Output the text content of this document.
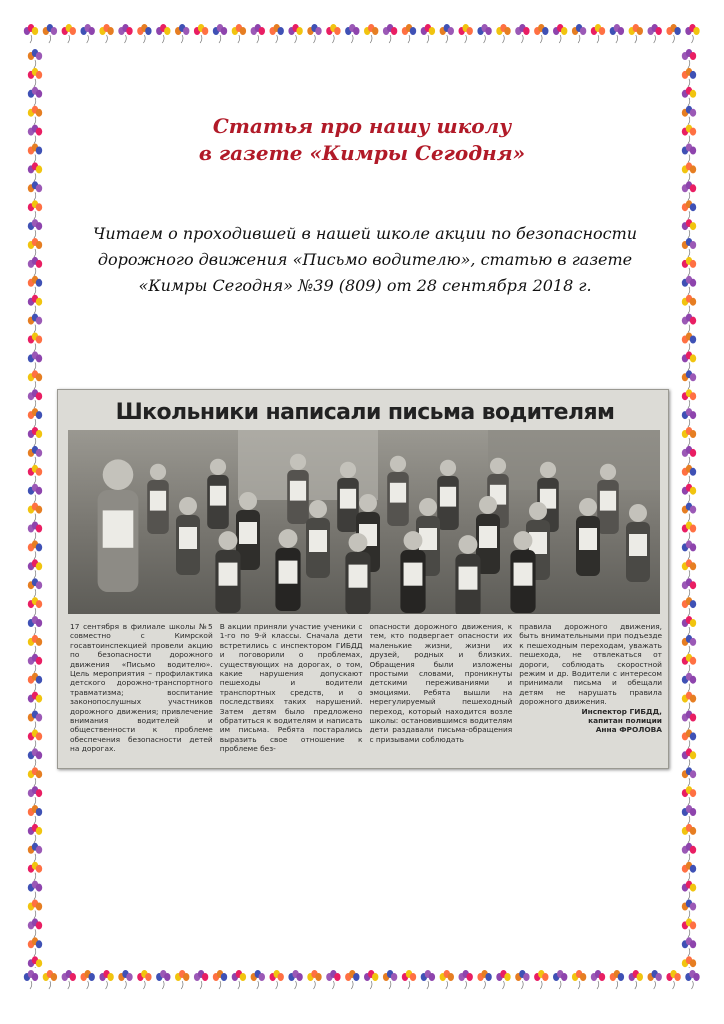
Статья про нашу школу
в газете «Кимры Сегодня»
Читаем о проходившей в нашей школе акции по безопасности
дорожного движения «Письмо водителю», статью в газете
«Кимры Сегодня» №39 (809) от 28 сентября 2018 г.
Школьники написали письма водителям

17 сентября в филиале школы №5 совместно с Кимрской госавтоинспекцией провели акцию по безопасности дорожного движения «Письмо водителю». Цель мероприятия – профилактика детского дорожно-транспортного травматизма; воспитание законопослушных участников дорожного движения; привлечение внимания водителей и общественности к проблеме обеспечения безопасности детей на дорогах.

В акции приняли участие ученики с 1-го по 9-й классы. Сначала дети встретились с инспектором ГИБДД и поговорили о проблемах, существующих на дорогах, о том, какие нарушения допускают пешеходы и водители транспортных средств, и о последствиях таких нарушений. Затем детям было предложено обратиться к водителям и написать им письма. Ребята постарались выразить свое отношение к проблеме без-

опасности дорожного движения, к тем, кто подвергает опасности их маленькие жизни, жизни их друзей, родных и близких. Обращения были изложены простыми словами, проникнуты детскими переживаниями и эмоциями. Ребята вышли на нерегулируемый пешеходный переход, который находится возле школы: остановившимся водителям дети раздавали письма-обращения с призывами соблюдать

правила дорожного движения, быть внимательными при подъезде к пешеходным переходам, уважать пешехода, не отвлекаться от дороги, соблюдать скоростной режим и др. Водители с интересом принимали письма и обещали детям не нарушать правила дорожного движения.

Инспектор ГИБДД,
капитан полиции
Анна ФРОЛОВА
